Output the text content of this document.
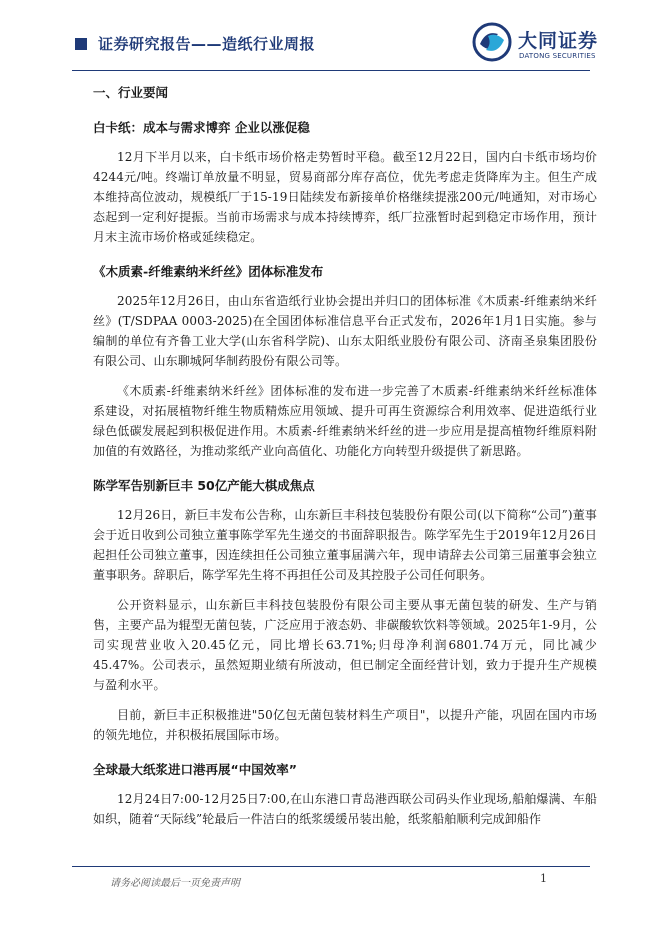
证券研究报告——造纸行业周报	大同证券
DATONG SECURITIES
一、行业要闻
白卡纸：成本与需求博弈 企业以涨促稳

12月下半月以来，白卡纸市场价格走势暂时平稳。截至12月22日，国内白卡纸市场均价4244元/吨。终端订单放量不明显，贸易商部分库存高位，优先考虑走货降库为主。但生产成本维持高位波动，规模纸厂于15-19日陆续发布新接单价格继续提涨200元/吨通知，对市场心态起到一定利好提振。当前市场需求与成本持续博弈，纸厂拉涨暂时起到稳定市场作用，预计月末主流市场价格或延续稳定。

《木质素-纤维素纳米纤丝》团体标准发布

2025年12月26日，由山东省造纸行业协会提出并归口的团体标准《木质素-纤维素纳米纤丝》(T/SDPAA 0003-2025)在全国团体标准信息平台正式发布，2026年1月1日实施。参与编制的单位有齐鲁工业大学(山东省科学院)、山东太阳纸业股份有限公司、济南圣泉集团股份有限公司、山东聊城阿华制药股份有限公司等。

《木质素-纤维素纳米纤丝》团体标准的发布进一步完善了木质素-纤维素纳米纤丝标准体系建设，对拓展植物纤维生物质精炼应用领域、提升可再生资源综合利用效率、促进造纸行业绿色低碳发展起到积极促进作用。木质素-纤维素纳米纤丝的进一步应用是提高植物纤维原料附加值的有效路径，为推动浆纸产业向高值化、功能化方向转型升级提供了新思路。

陈学军告别新巨丰 50亿产能大棋成焦点

12月26日，新巨丰发布公告称，山东新巨丰科技包装股份有限公司(以下简称“公司”)董事会于近日收到公司独立董事陈学军先生递交的书面辞职报告。陈学军先生于2019年12月26日起担任公司独立董事，因连续担任公司独立董事届满六年，现申请辞去公司第三届董事会独立董事职务。辞职后，陈学军先生将不再担任公司及其控股子公司任何职务。

公开资料显示，山东新巨丰科技包装股份有限公司主要从事无菌包装的研发、生产与销售，主要产品为辊型无菌包装，广泛应用于液态奶、非碳酸软饮料等领域。2025年1-9月，公司实现营业收入20.45亿元，同比增长63.71%;归母净利润6801.74万元，同比减少45.47%。公司表示，虽然短期业绩有所波动，但已制定全面经营计划，致力于提升生产规模与盈利水平。

目前，新巨丰正积极推进"50亿包无菌包装材料生产项目"，以提升产能，巩固在国内市场的领先地位，并积极拓展国际市场。

全球最大纸浆进口港再展“中国效率”

12月24日7:00-12月25日7:00,在山东港口青岛港西联公司码头作业现场,船舶爆满、车船如织，随着“天际线”轮最后一件洁白的纸浆缓缓吊装出舱，纸浆船舶顺利完成卸船作

请务必阅读最后一页免责声明	1
